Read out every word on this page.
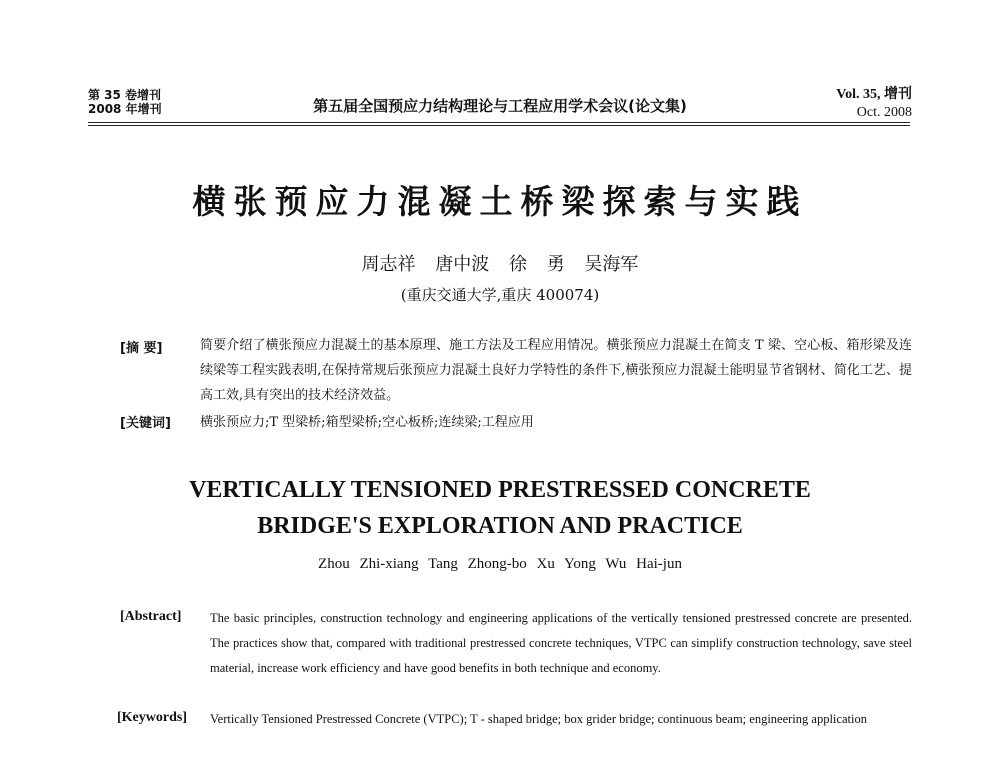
第 35 卷增刊
2008 年增刊	第五届全国预应力结构理论与工程应用学术会议(论文集)
Vol. 35, 增刊
Oct. 2008
横张预应力混凝土桥梁探索与实践
周志祥 唐中波 徐 勇 吴海军
(重庆交通大学,重庆 400074)
[摘 要]	简要介绍了横张预应力混凝土的基本原理、施工方法及工程应用情况。横张预应力混凝土在简支 T 梁、空心板、箱形梁及连续梁等工程实践表明,在保持常规后张预应力混凝土良好力学特性的条件下,横张预应力混凝土能明显节省钢材、简化工艺、提高工效,具有突出的技术经济效益。
[关键词] 横张预应力;T 型梁桥;箱型梁桥;空心板桥;连续梁;工程应用
VERTICALLY TENSIONED PRESTRESSED CONCRETE
BRIDGE'S EXPLORATION AND PRACTICE
Zhou Zhi-xiang Tang Zhong-bo Xu Yong Wu Hai-jun
[Abstract] The basic principles, construction technology and engineering applications of the vertically tensioned prestressed concrete are presented. The practices show that, compared with traditional prestressed concrete techniques, VTPC can simplify construction technology, save steel material, increase work efficiency and have good benefits in both technique and economy.
[Keywords]	Vertically Tensioned Prestressed Concrete (VTPC); T - shaped bridge; box grider bridge; continuous beam; engineering application
